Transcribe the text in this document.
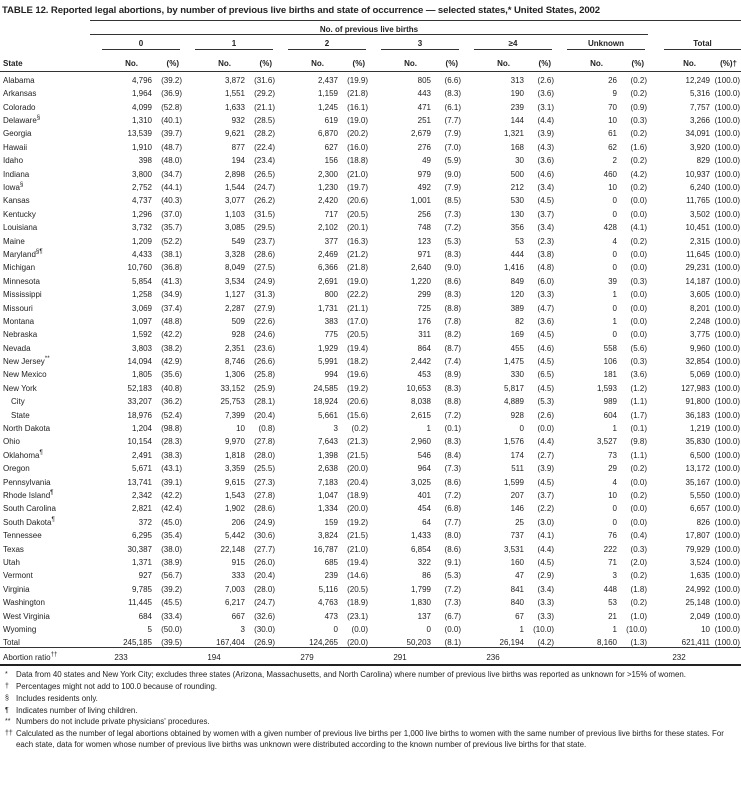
TABLE 12. Reported legal abortions, by number of previous live births and state of occurrence — selected states,* United States, 2002
	No. of previous live births													

	0		1		2		3		≥4		Unknown		Total	

State	No.	(%)	No.	(%)	No.	(%)	No.	(%)	No.	(%)	No.	(%)	No.	(%)†
Alabama	4,796	(39.2)	3,872	(31.6)	2,437	(19.9)	805	(6.6)	313	(2.6)	26	(0.2)	12,249	(100.0)
Arkansas	1,964	(36.9)	1,551	(29.2)	1,159	(21.8)	443	(8.3)	190	(3.6)	9	(0.2)	5,316	(100.0)
Colorado	4,099	(52.8)	1,633	(21.1)	1,245	(16.1)	471	(6.1)	239	(3.1)	70	(0.9)	7,757	(100.0)
Delaware§	1,310	(40.1)	932	(28.5)	619	(19.0)	251	(7.7)	144	(4.4)	10	(0.3)	3,266	(100.0)
Georgia	13,539	(39.7)	9,621	(28.2)	6,870	(20.2)	2,679	(7.9)	1,321	(3.9)	61	(0.2)	34,091	(100.0)
Hawaii	1,910	(48.7)	877	(22.4)	627	(16.0)	276	(7.0)	168	(4.3)	62	(1.6)	3,920	(100.0)
Idaho	398	(48.0)	194	(23.4)	156	(18.8)	49	(5.9)	30	(3.6)	2	(0.2)	829	(100.0)
Indiana	3,800	(34.7)	2,898	(26.5)	2,300	(21.0)	979	(9.0)	500	(4.6)	460	(4.2)	10,937	(100.0)
Iowa§	2,752	(44.1)	1,544	(24.7)	1,230	(19.7)	492	(7.9)	212	(3.4)	10	(0.2)	6,240	(100.0)
Kansas	4,737	(40.3)	3,077	(26.2)	2,420	(20.6)	1,001	(8.5)	530	(4.5)	0	(0.0)	11,765	(100.0)
Kentucky	1,296	(37.0)	1,103	(31.5)	717	(20.5)	256	(7.3)	130	(3.7)	0	(0.0)	3,502	(100.0)
Louisiana	3,732	(35.7)	3,085	(29.5)	2,102	(20.1)	748	(7.2)	356	(3.4)	428	(4.1)	10,451	(100.0)
Maine	1,209	(52.2)	549	(23.7)	377	(16.3)	123	(5.3)	53	(2.3)	4	(0.2)	2,315	(100.0)
Maryland§¶	4,433	(38.1)	3,328	(28.6)	2,469	(21.2)	971	(8.3)	444	(3.8)	0	(0.0)	11,645	(100.0)
Michigan	10,760	(36.8)	8,049	(27.5)	6,366	(21.8)	2,640	(9.0)	1,416	(4.8)	0	(0.0)	29,231	(100.0)
Minnesota	5,854	(41.3)	3,534	(24.9)	2,691	(19.0)	1,220	(8.6)	849	(6.0)	39	(0.3)	14,187	(100.0)
Mississippi	1,258	(34.9)	1,127	(31.3)	800	(22.2)	299	(8.3)	120	(3.3)	1	(0.0)	3,605	(100.0)
Missouri	3,069	(37.4)	2,287	(27.9)	1,731	(21.1)	725	(8.8)	389	(4.7)	0	(0.0)	8,201	(100.0)
Montana	1,097	(48.8)	509	(22.6)	383	(17.0)	176	(7.8)	82	(3.6)	1	(0.0)	2,248	(100.0)
Nebraska	1,592	(42.2)	928	(24.6)	775	(20.5)	311	(8.2)	169	(4.5)	0	(0.0)	3,775	(100.0)
Nevada	3,803	(38.2)	2,351	(23.6)	1,929	(19.4)	864	(8.7)	455	(4.6)	558	(5.6)	9,960	(100.0)
New Jersey**	14,094	(42.9)	8,746	(26.6)	5,991	(18.2)	2,442	(7.4)	1,475	(4.5)	106	(0.3)	32,854	(100.0)
New Mexico	1,805	(35.6)	1,306	(25.8)	994	(19.6)	453	(8.9)	330	(6.5)	181	(3.6)	5,069	(100.0)
New York	52,183	(40.8)	33,152	(25.9)	24,585	(19.2)	10,653	(8.3)	5,817	(4.5)	1,593	(1.2)	127,983	(100.0)
City	33,207	(36.2)	25,753	(28.1)	18,924	(20.6)	8,038	(8.8)	4,889	(5.3)	989	(1.1)	91,800	(100.0)
State	18,976	(52.4)	7,399	(20.4)	5,661	(15.6)	2,615	(7.2)	928	(2.6)	604	(1.7)	36,183	(100.0)
North Dakota	1,204	(98.8)	10	(0.8)	3	(0.2)	1	(0.1)	0	(0.0)	1	(0.1)	1,219	(100.0)
Ohio	10,154	(28.3)	9,970	(27.8)	7,643	(21.3)	2,960	(8.3)	1,576	(4.4)	3,527	(9.8)	35,830	(100.0)
Oklahoma¶	2,491	(38.3)	1,818	(28.0)	1,398	(21.5)	546	(8.4)	174	(2.7)	73	(1.1)	6,500	(100.0)
Oregon	5,671	(43.1)	3,359	(25.5)	2,638	(20.0)	964	(7.3)	511	(3.9)	29	(0.2)	13,172	(100.0)
Pennsylvania	13,741	(39.1)	9,615	(27.3)	7,183	(20.4)	3,025	(8.6)	1,599	(4.5)	4	(0.0)	35,167	(100.0)
Rhode Island¶	2,342	(42.2)	1,543	(27.8)	1,047	(18.9)	401	(7.2)	207	(3.7)	10	(0.2)	5,550	(100.0)
South Carolina	2,821	(42.4)	1,902	(28.6)	1,334	(20.0)	454	(6.8)	146	(2.2)	0	(0.0)	6,657	(100.0)
South Dakota¶	372	(45.0)	206	(24.9)	159	(19.2)	64	(7.7)	25	(3.0)	0	(0.0)	826	(100.0)
Tennessee	6,295	(35.4)	5,442	(30.6)	3,824	(21.5)	1,433	(8.0)	737	(4.1)	76	(0.4)	17,807	(100.0)
Texas	30,387	(38.0)	22,148	(27.7)	16,787	(21.0)	6,854	(8.6)	3,531	(4.4)	222	(0.3)	79,929	(100.0)
Utah	1,371	(38.9)	915	(26.0)	685	(19.4)	322	(9.1)	160	(4.5)	71	(2.0)	3,524	(100.0)
Vermont	927	(56.7)	333	(20.4)	239	(14.6)	86	(5.3)	47	(2.9)	3	(0.2)	1,635	(100.0)
Virginia	9,785	(39.2)	7,003	(28.0)	5,116	(20.5)	1,799	(7.2)	841	(3.4)	448	(1.8)	24,992	(100.0)
Washington	11,445	(45.5)	6,217	(24.7)	4,763	(18.9)	1,830	(7.3)	840	(3.3)	53	(0.2)	25,148	(100.0)
West Virginia	684	(33.4)	667	(32.6)	473	(23.1)	137	(6.7)	67	(3.3)	21	(1.0)	2,049	(100.0)
Wyoming	5	(50.0)	3	(30.0)	0	(0.0)	0	(0.0)	1	(10.0)	1	(10.0)	10	(100.0)
Total	245,185	(39.5)	167,404	(26.9)	124,265	(20.0)	50,203	(8.1)	26,194	(4.2)	8,160	(1.3)	621,411	(100.0)
Abortion ratio††	233		194		279		291		236				232	
*	Data from 40 states and New York City; excludes three states (Arizona, Massachusetts, and North Carolina) where number of previous live births was reported as unknown for >15% of women.
† Percentages might not add to 100.0 because of rounding.
§ Includes residents only.
¶ Indicates number of living children.
** Numbers do not include private physicians' procedures.
†† Calculated as the number of legal abortions obtained by women with a given number of previous live births per 1,000 live births to women with the same number of previous live births for these states. For each state, data for women whose number of previous live births was unknown were distributed according to the known number of previous live births for that state.
